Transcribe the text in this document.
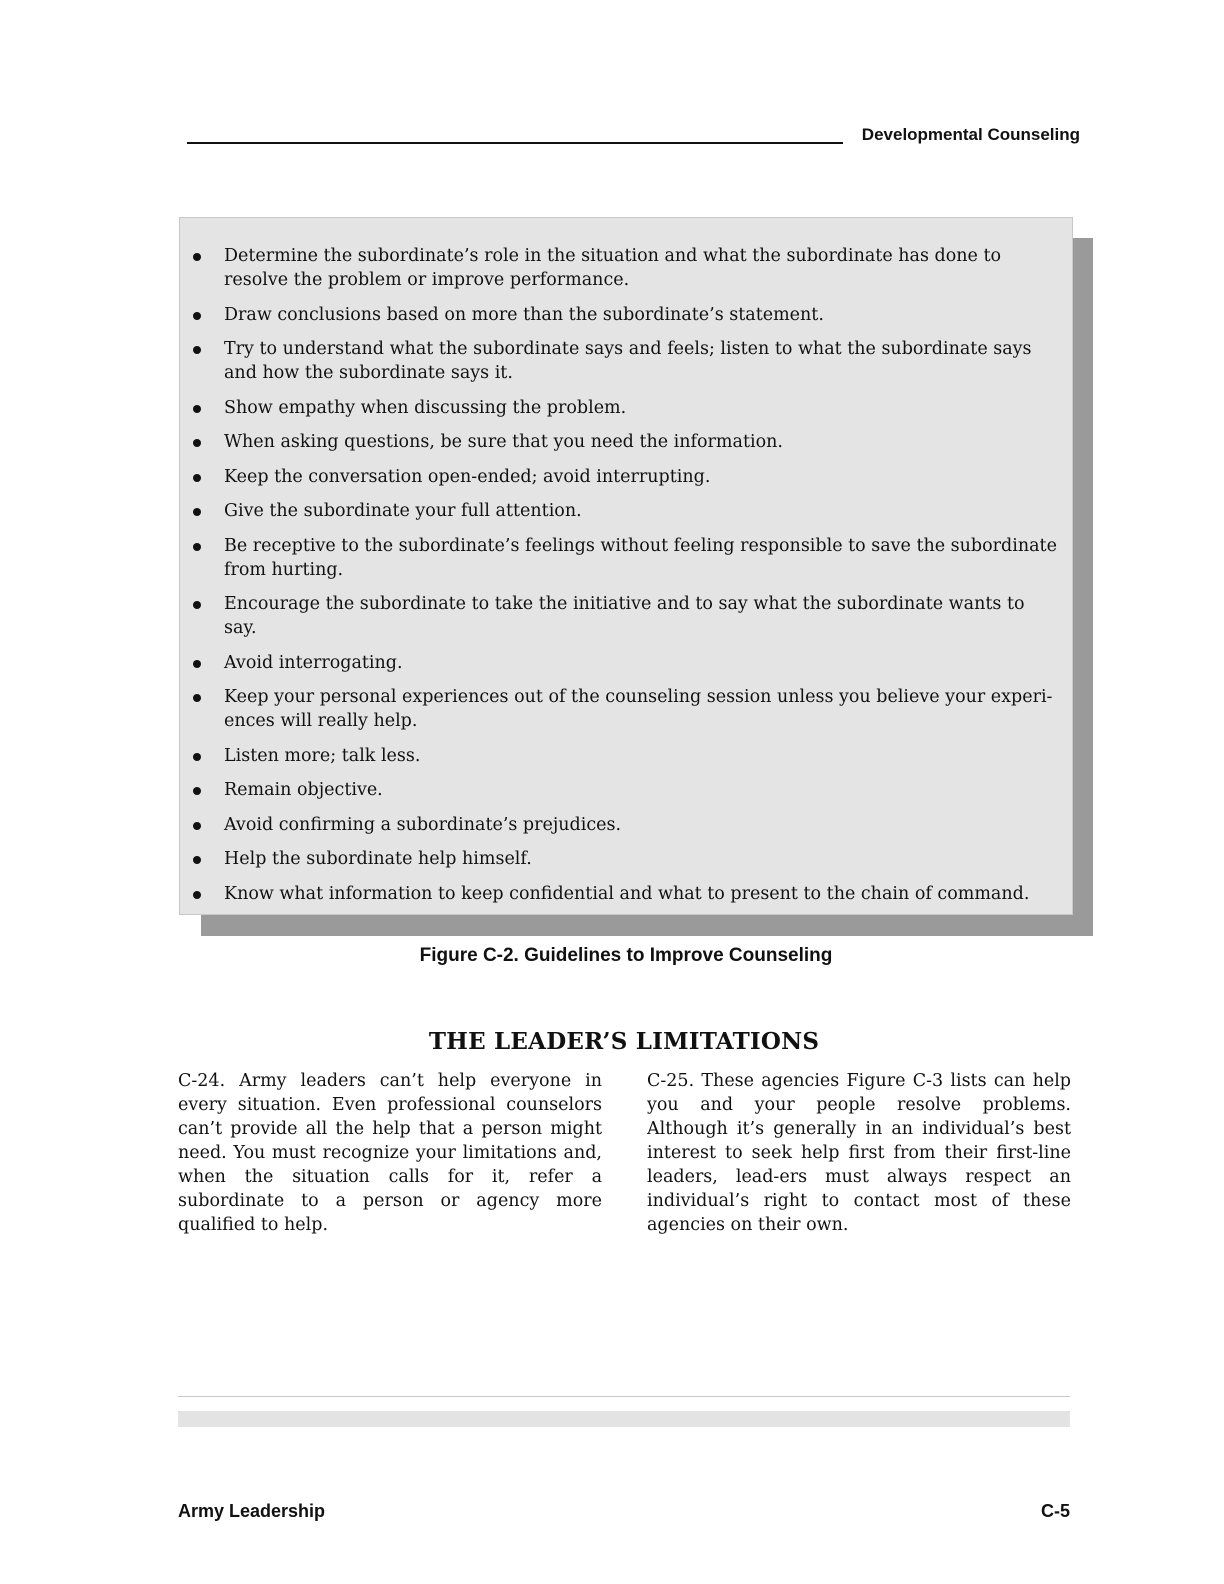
Developmental Counseling
Determine the subordinate’s role in the situation and what the subordinate has done to resolve the problem or improve performance.
Draw conclusions based on more than the subordinate’s statement.
Try to understand what the subordinate says and feels; listen to what the subordinate says and how the subordinate says it.
Show empathy when discussing the problem.
When asking questions, be sure that you need the information.
Keep the conversation open-ended; avoid interrupting.
Give the subordinate your full attention.
Be receptive to the subordinate’s feelings without feeling responsible to save the subordinate from hurting.
Encourage the subordinate to take the initiative and to say what the subordinate wants to say.
Avoid interrogating.
Keep your personal experiences out of the counseling session unless you believe your experi-ences will really help.
Listen more; talk less.
Remain objective.
Avoid confirming a subordinate’s prejudices.
Help the subordinate help himself.
Know what information to keep confidential and what to present to the chain of command.
Figure C-2. Guidelines to Improve Counseling
THE LEADER’S LIMITATIONS
C-24. Army leaders can’t help everyone in every situation. Even professional counselors can’t provide all the help that a person might need. You must recognize your limitations and, when the situation calls for it, refer a subordinate to a person or agency more qualified to help.
C-25. These agencies Figure C-3 lists can help you and your people resolve problems. Although it’s generally in an individual’s best interest to seek help first from their first-line leaders, lead-ers must always respect an individual’s right to contact most of these agencies on their own.
Army Leadership	C-5
